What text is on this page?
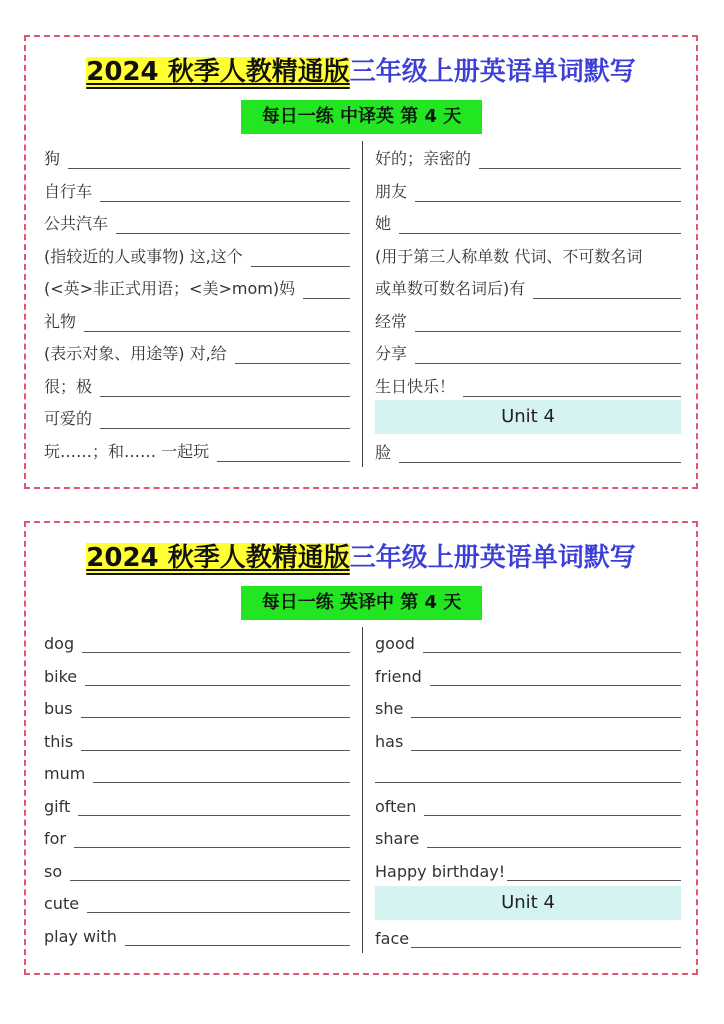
2024 秋季人教精通版三年级上册英语单词默写
每日一练 中译英 第 4 天
狗
自行车
公共汽车
(指较近的人或事物) 这,这个
(<英>非正式用语；<美>mom)妈
礼物
(表示对象、用途等) 对,给
很；极
可爱的
玩……；和…… 一起玩
好的；亲密的
朋友
她
(用于第三人称单数 代词、不可数名词
或单数可数名词后)有
经常
分享
生日快乐！
Unit 4
脸
2024 秋季人教精通版三年级上册英语单词默写
每日一练 英译中 第 4 天
dog
bike
bus
this
mum
gift
for
so
cute
play with
good
friend
she
has
often
share
Happy birthday!
Unit 4
face
